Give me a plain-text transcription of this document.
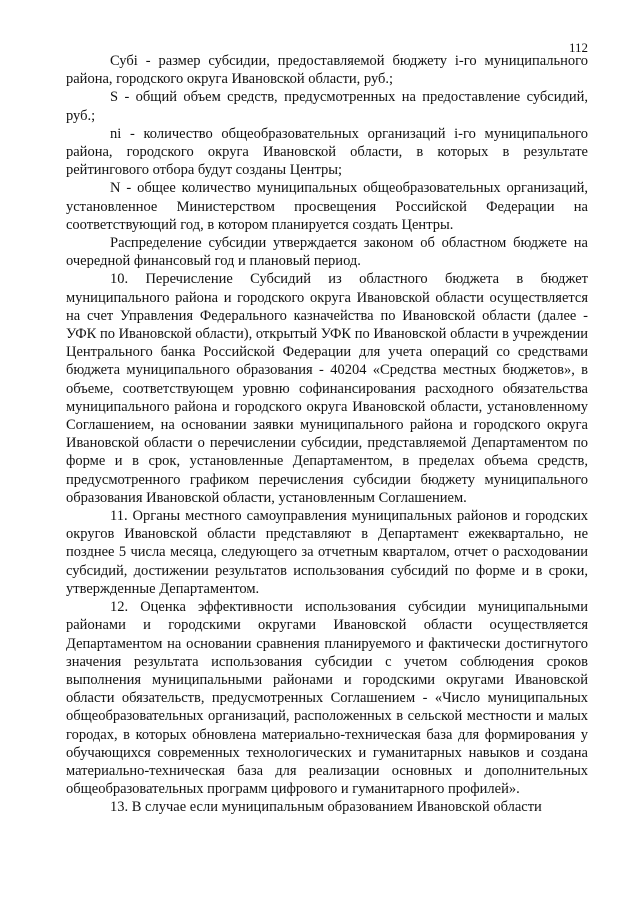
112

Субi - размер субсидии, предоставляемой бюджету i-го муниципального района, городского округа Ивановской области, руб.;

S - общий объем средств, предусмотренных на предоставление субсидий, руб.;

ni - количество общеобразовательных организаций i-го муниципального района, городского округа Ивановской области, в которых в результате рейтингового отбора будут созданы Центры;

N - общее количество муниципальных общеобразовательных организаций, установленное Министерством просвещения Российской Федерации на соответствующий год, в котором планируется создать Центры.

Распределение субсидии утверждается законом об областном бюджете на очередной финансовый год и плановый период.

10. Перечисление Субсидий из областного бюджета в бюджет муниципального района и городского округа Ивановской области осуществляется на счет Управления Федерального казначейства по Ивановской области (далее - УФК по Ивановской области), открытый УФК по Ивановской области в учреждении Центрального банка Российской Федерации для учета операций со средствами бюджета муниципального образования - 40204 «Средства местных бюджетов», в объеме, соответствующем уровню софинансирования расходного обязательства муниципального района и городского округа Ивановской области, установленному Соглашением, на основании заявки муниципального района и городского округа Ивановской области о перечислении субсидии, представляемой Департаментом по форме и в срок, установленные Департаментом, в пределах объема средств, предусмотренного графиком перечисления субсидии бюджету муниципального образования Ивановской области, установленным Соглашением.

11. Органы местного самоуправления муниципальных районов и городских округов Ивановской области представляют в Департамент ежеквартально, не позднее 5 числа месяца, следующего за отчетным кварталом, отчет о расходовании субсидий, достижении результатов использования субсидий по форме и в сроки, утвержденные Департаментом.

12. Оценка эффективности использования субсидии муниципальными районами и городскими округами Ивановской области осуществляется Департаментом на основании сравнения планируемого и фактически достигнутого значения результата использования субсидии с учетом соблюдения сроков выполнения муниципальными районами и городскими округами Ивановской области обязательств, предусмотренных Соглашением - «Число муниципальных общеобразовательных организаций, расположенных в сельской местности и малых городах, в которых обновлена материально-техническая база для формирования у обучающихся современных технологических и гуманитарных навыков и создана материально-техническая база для реализации основных и дополнительных общеобразовательных программ цифрового и гуманитарного профилей».

13. В случае если муниципальным образованием Ивановской области
